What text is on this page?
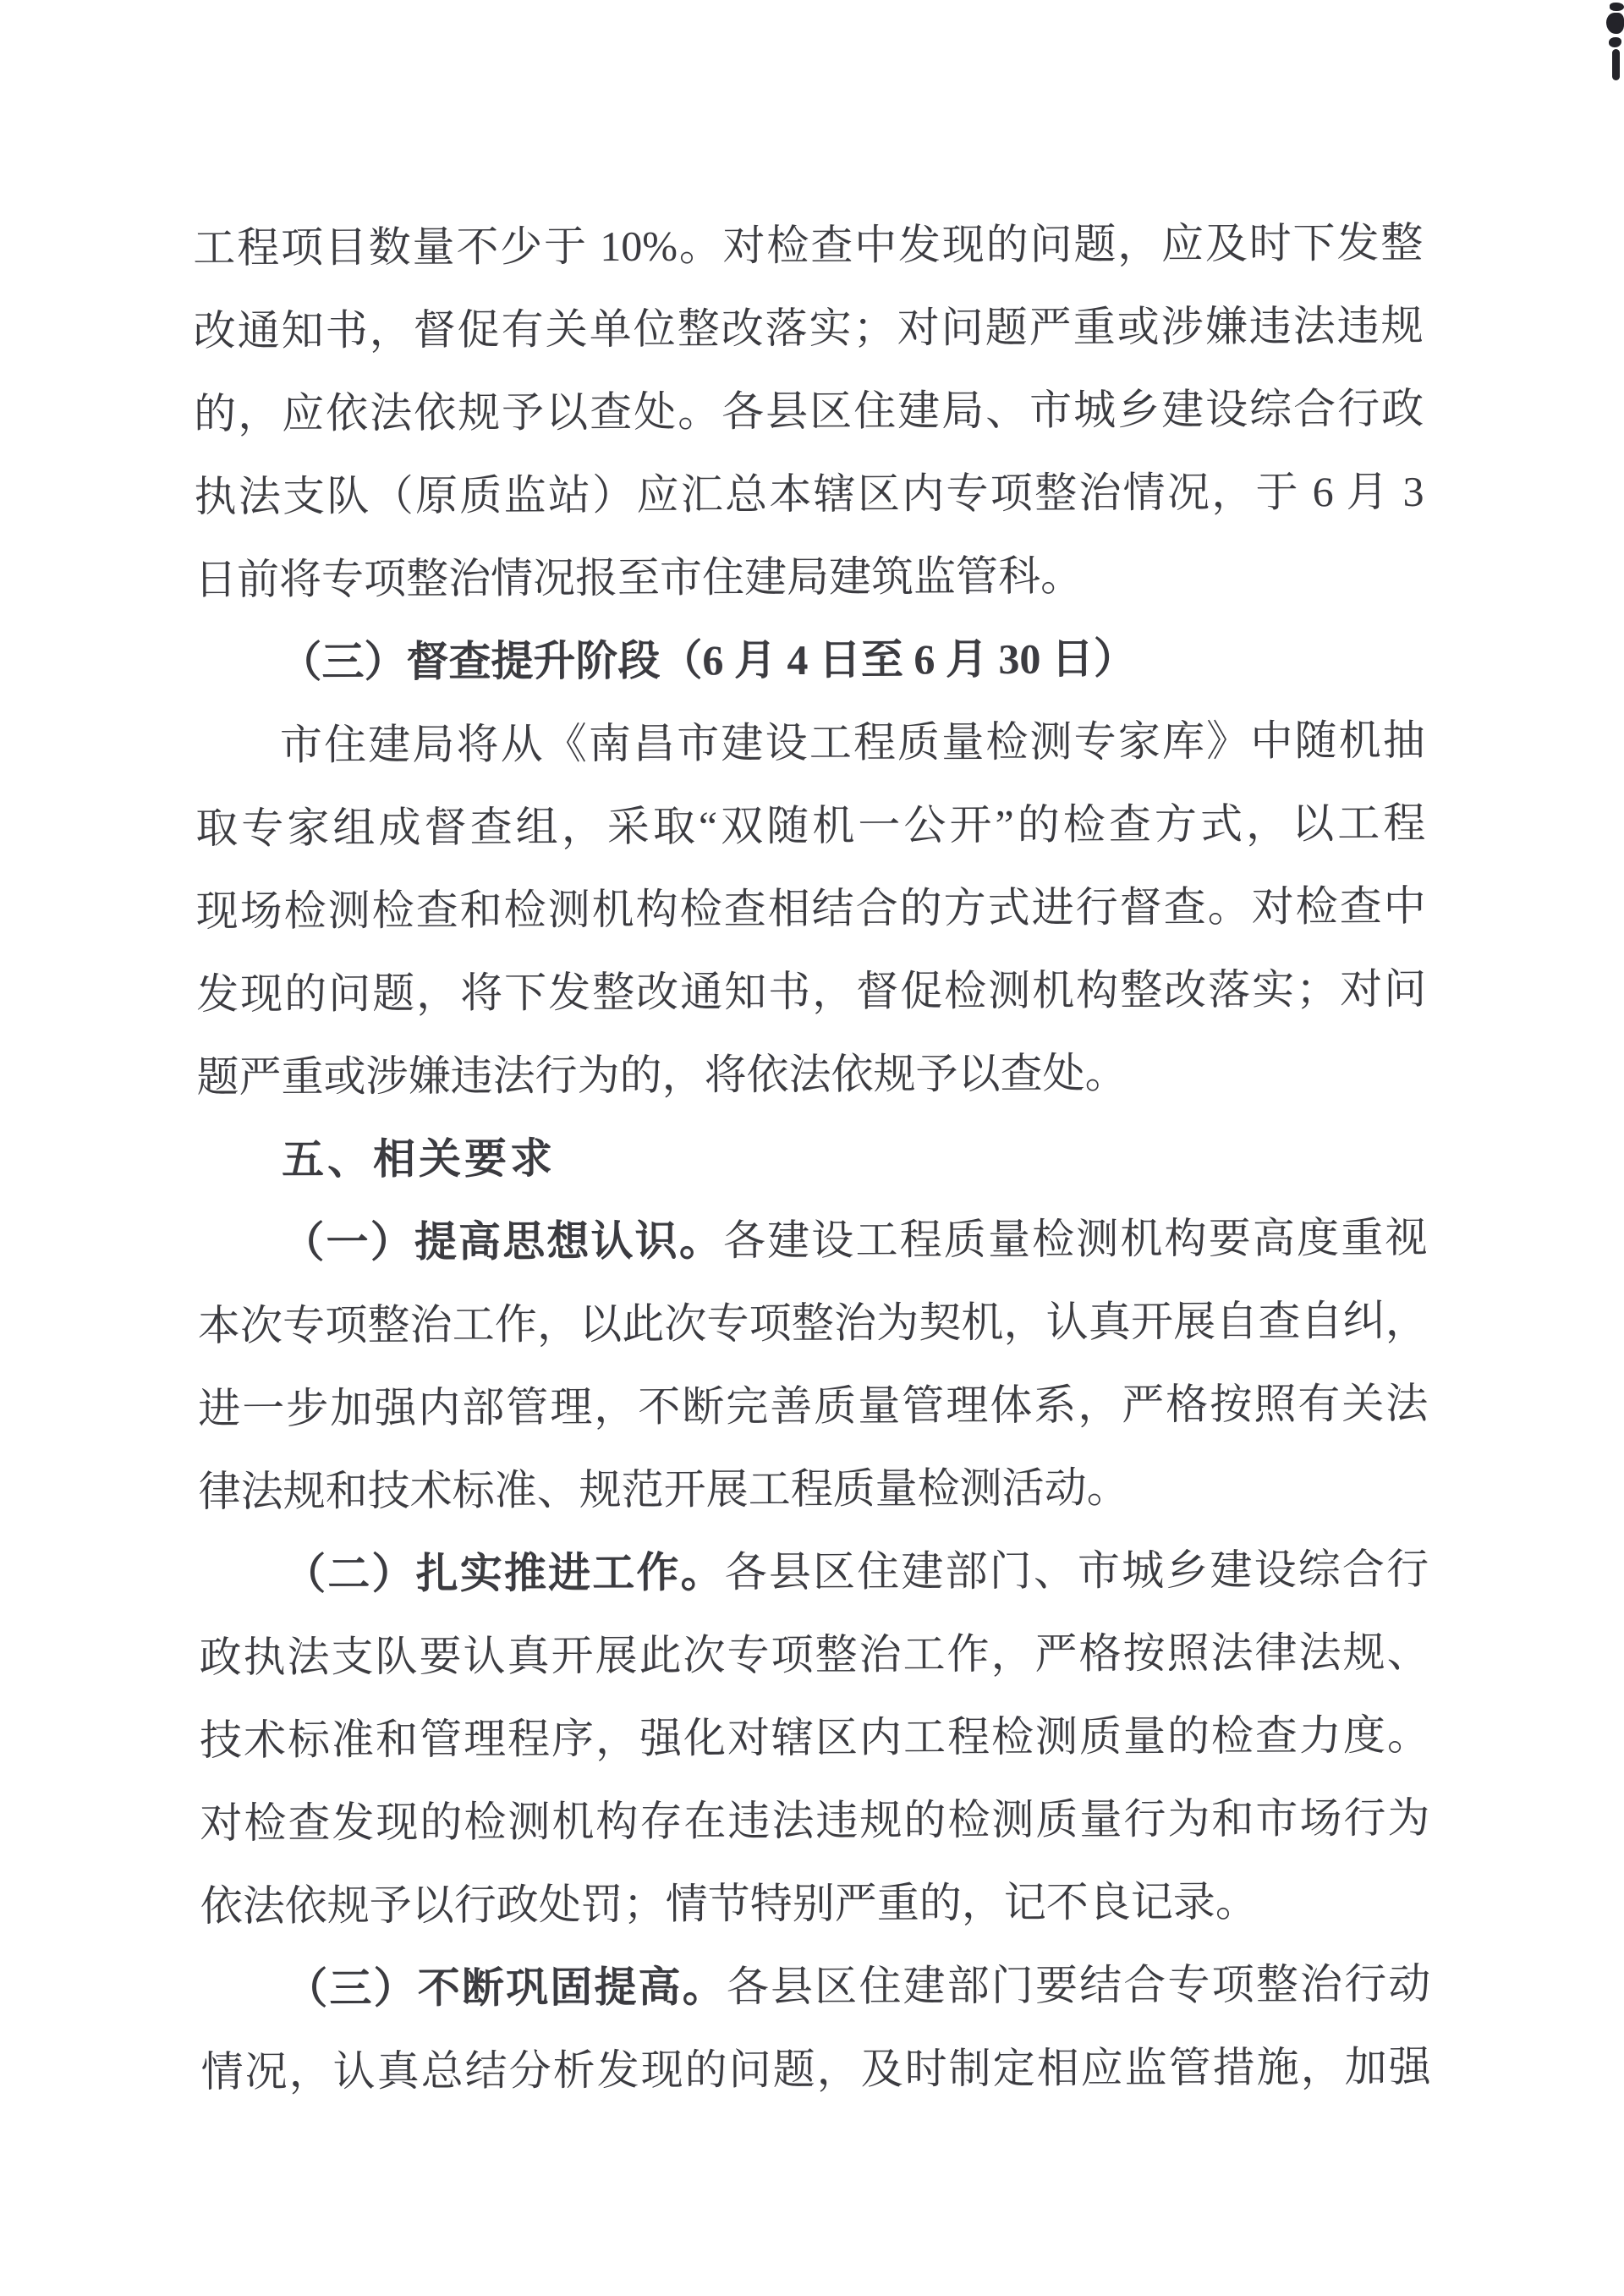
工程项目数量不少于 10%。对检查中发现的问题，应及时下发整
改通知书，督促有关单位整改落实；对问题严重或涉嫌违法违规
的，应依法依规予以查处。各县区住建局、市城乡建设综合行政
执法支队（原质监站）应汇总本辖区内专项整治情况，于 6 月 3
日前将专项整治情况报至市住建局建筑监管科。
（三）督查提升阶段（6 月 4 日至 6 月 30 日）
市住建局将从《南昌市建设工程质量检测专家库》中随机抽
取专家组成督查组，采取“双随机一公开”的检查方式，以工程
现场检测检查和检测机构检查相结合的方式进行督查。对检查中
发现的问题，将下发整改通知书，督促检测机构整改落实；对问
题严重或涉嫌违法行为的，将依法依规予以查处。
五、相关要求
（一）提高思想认识。各建设工程质量检测机构要高度重视
本次专项整治工作，以此次专项整治为契机，认真开展自查自纠，
进一步加强内部管理，不断完善质量管理体系，严格按照有关法
律法规和技术标准、规范开展工程质量检测活动。
（二）扎实推进工作。各县区住建部门、市城乡建设综合行
政执法支队要认真开展此次专项整治工作，严格按照法律法规、
技术标准和管理程序，强化对辖区内工程检测质量的检查力度。
对检查发现的检测机构存在违法违规的检测质量行为和市场行为
依法依规予以行政处罚；情节特别严重的，记不良记录。
（三）不断巩固提高。各县区住建部门要结合专项整治行动
情况，认真总结分析发现的问题，及时制定相应监管措施，加强
